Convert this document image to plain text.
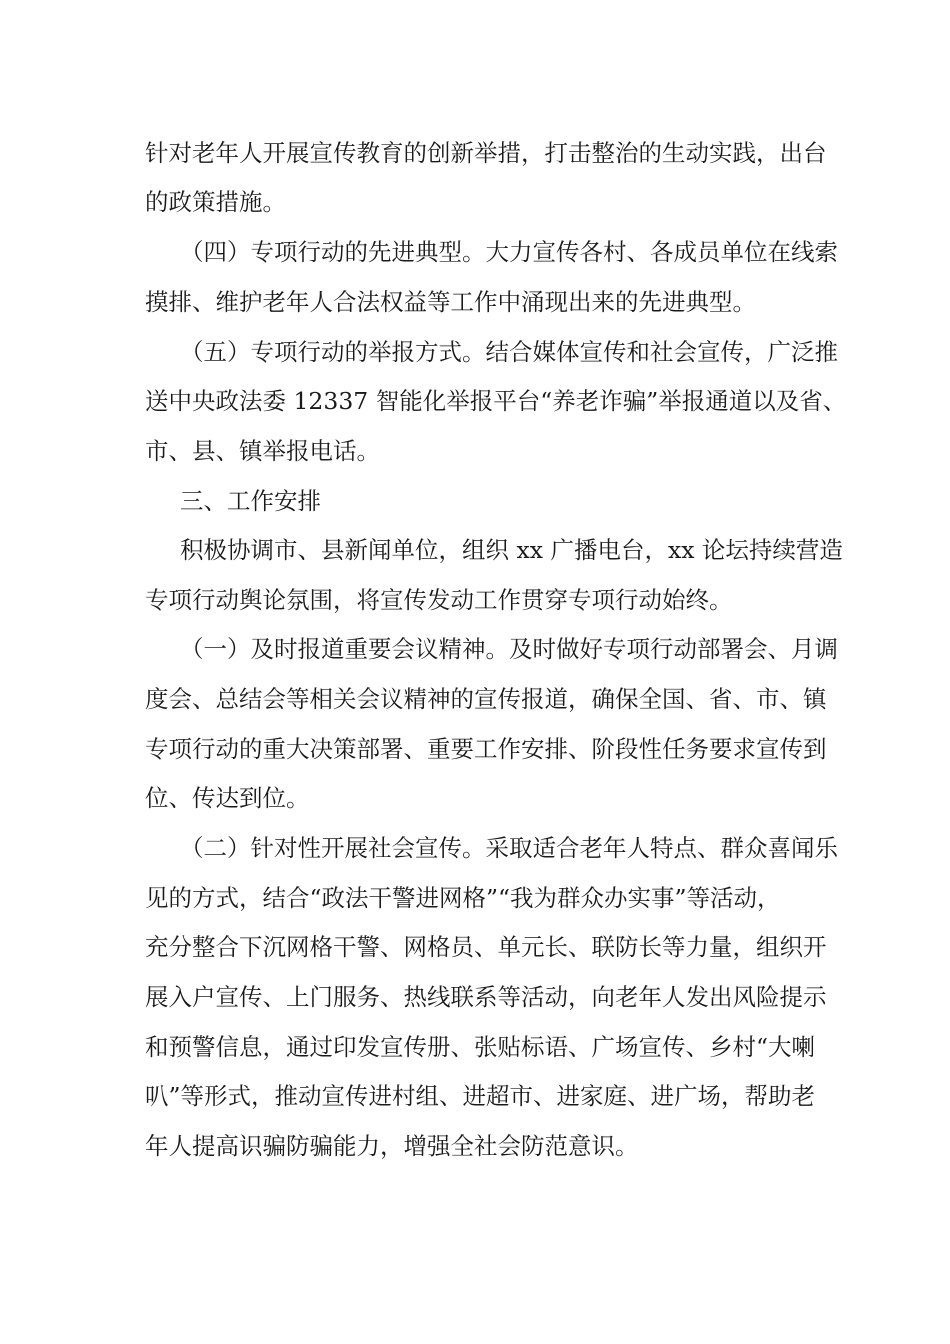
针对老年人开展宣传教育的创新举措，打击整治的生动实践，出台

的政策措施。

（四）专项行动的先进典型。大力宣传各村、各成员单位在线索

摸排、维护老年人合法权益等工作中涌现出来的先进典型。

（五）专项行动的举报方式。结合媒体宣传和社会宣传，广泛推

送中央政法委 12337 智能化举报平台“养老诈骗”举报通道以及省、

市、县、镇举报电话。

三、工作安排

积极协调市、县新闻单位，组织 xx 广播电台，xx 论坛持续营造

专项行动舆论氛围，将宣传发动工作贯穿专项行动始终。

（一）及时报道重要会议精神。及时做好专项行动部署会、月调

度会、总结会等相关会议精神的宣传报道，确保全国、省、市、镇

专项行动的重大决策部署、重要工作安排、阶段性任务要求宣传到

位、传达到位。

（二）针对性开展社会宣传。采取适合老年人特点、群众喜闻乐

见的方式，结合“政法干警进网格”“我为群众办实事”等活动，

充分整合下沉网格干警、网格员、单元长、联防长等力量，组织开

展入户宣传、上门服务、热线联系等活动，向老年人发出风险提示

和预警信息，通过印发宣传册、张贴标语、广场宣传、乡村“大喇

叭”等形式，推动宣传进村组、进超市、进家庭、进广场，帮助老

年人提高识骗防骗能力，增强全社会防范意识。
